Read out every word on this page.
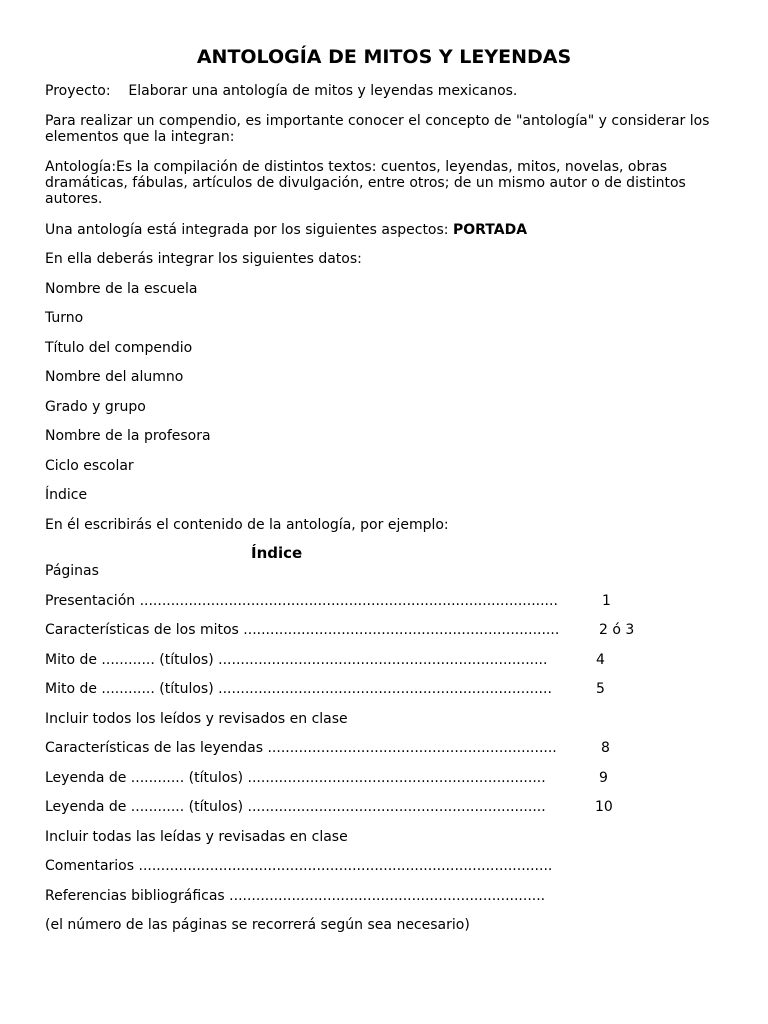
ANTOLOGÍA DE MITOS Y LEYENDAS
Proyecto: Elaborar una antología de mitos y leyendas mexicanos.
Para realizar un compendio, es importante conocer el concepto de "antología" y considerar los elementos que la integran:
Antología:Es la compilación de distintos textos: cuentos, leyendas, mitos, novelas, obras dramáticas, fábulas, artículos de divulgación, entre otros; de un mismo autor o de distintos autores.
Una antología está integrada por los siguientes aspectos: PORTADA
En ella deberás integrar los siguientes datos:
Nombre de la escuela
Turno
Título del compendio
Nombre del alumno
Grado y grupo
Nombre de la profesora
Ciclo escolar
Índice
En él escribirás el contenido de la antología, por ejemplo:
Índice
Páginas
Presentación ..............................................................................................	1
Características de los mitos .......................................................................	2 ó 3
Mito de ............ (títulos) ..........................................................................	4
Mito de ............ (títulos) ...........................................................................	5
Incluir todos los leídos y revisados en clase
Características de las leyendas .................................................................	8
Leyenda de ............ (títulos) ...................................................................	9
Leyenda de ............ (títulos) ...................................................................	10
Incluir todas las leídas y revisadas en clase
Comentarios .............................................................................................
Referencias bibliográficas .......................................................................
(el número de las páginas se recorrerá según sea necesario)
